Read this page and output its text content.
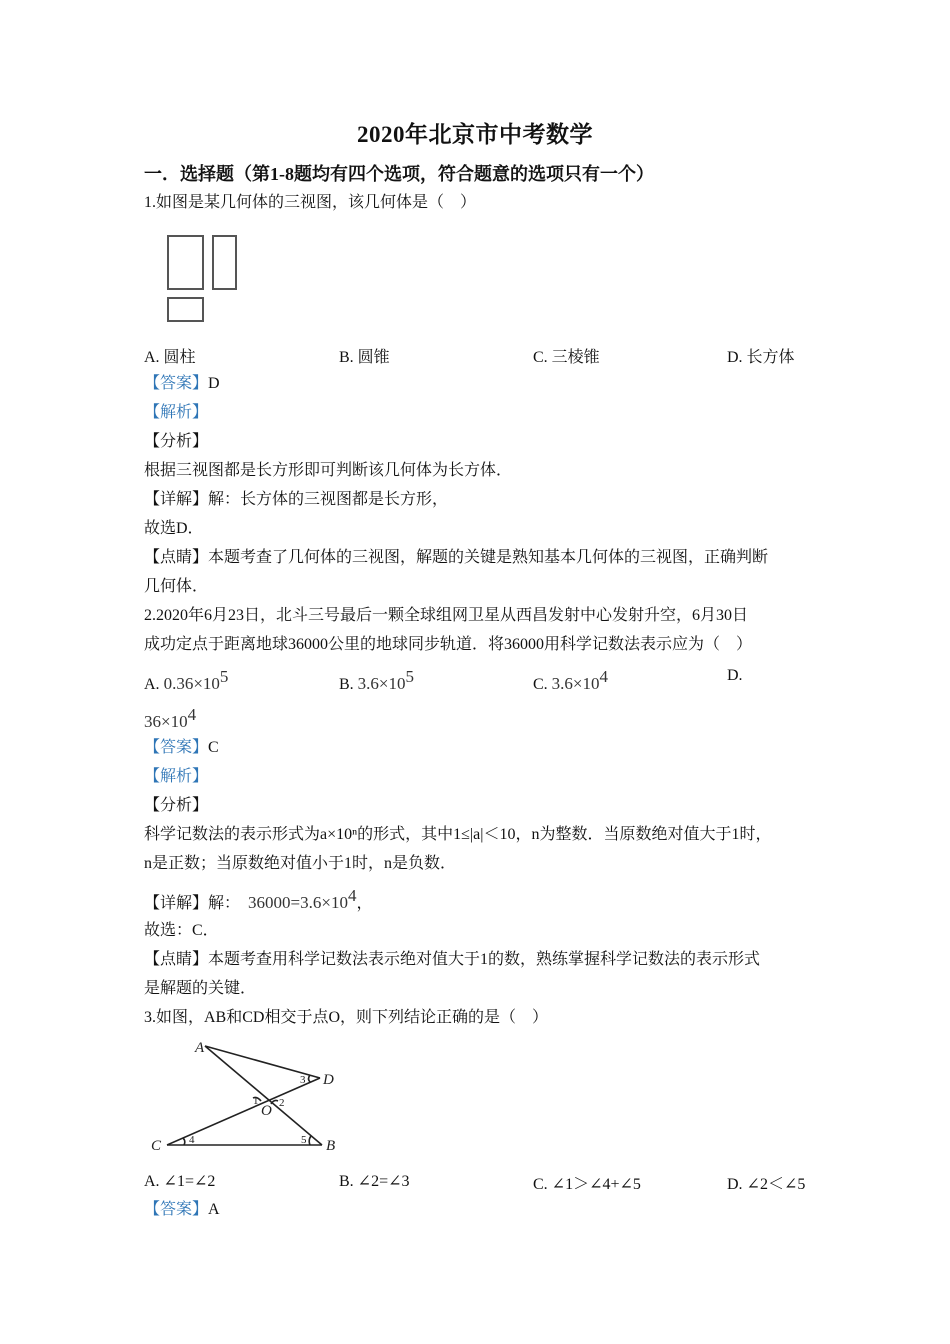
2020年北京市中考数学
一．选择题（第1-8题均有四个选项，符合题意的选项只有一个）
1.如图是某几何体的三视图，该几何体是（　）
A. 圆柱	B. 圆锥	C. 三棱锥	D. 长方体
【答案】D
【解析】
【分析】
根据三视图都是长方形即可判断该几何体为长方体．
【详解】解：长方体的三视图都是长方形，
故选D．
【点睛】本题考查了几何体的三视图，解题的关键是熟知基本几何体的三视图，正确判断
几何体．
2.2020年6月23日，北斗三号最后一颗全球组网卫星从西昌发射中心发射升空，6月30日
成功定点于距离地球36000公里的地球同步轨道．将36000用科学记数法表示应为（　）
A. $0.36\times 10^5$	B. $3.6\times 10^5$	C. $3.6\times 10^4$	D.
$36\times 10^4$
【答案】C
【解析】
【分析】
科学记数法的表示形式为a×10ⁿ的形式，其中1≤|a|＜10，n为整数．当原数绝对值大于1时，
n是正数；当原数绝对值小于1时，n是负数．
【详解】解： $36000=3.6\times 10^4$，
故选：C．
【点睛】本题考查用科学记数法表示绝对值大于1的数，熟练掌握科学记数法的表示形式
是解题的关键．
3.如图，AB和CD相交于点O，则下列结论正确的是（　）
A
D
O
C	B
1 2
3
4	5
A. ∠1=∠2	B. ∠2=∠3	C. ∠1＞∠4+∠5	D. ∠2＜∠5
【答案】A
